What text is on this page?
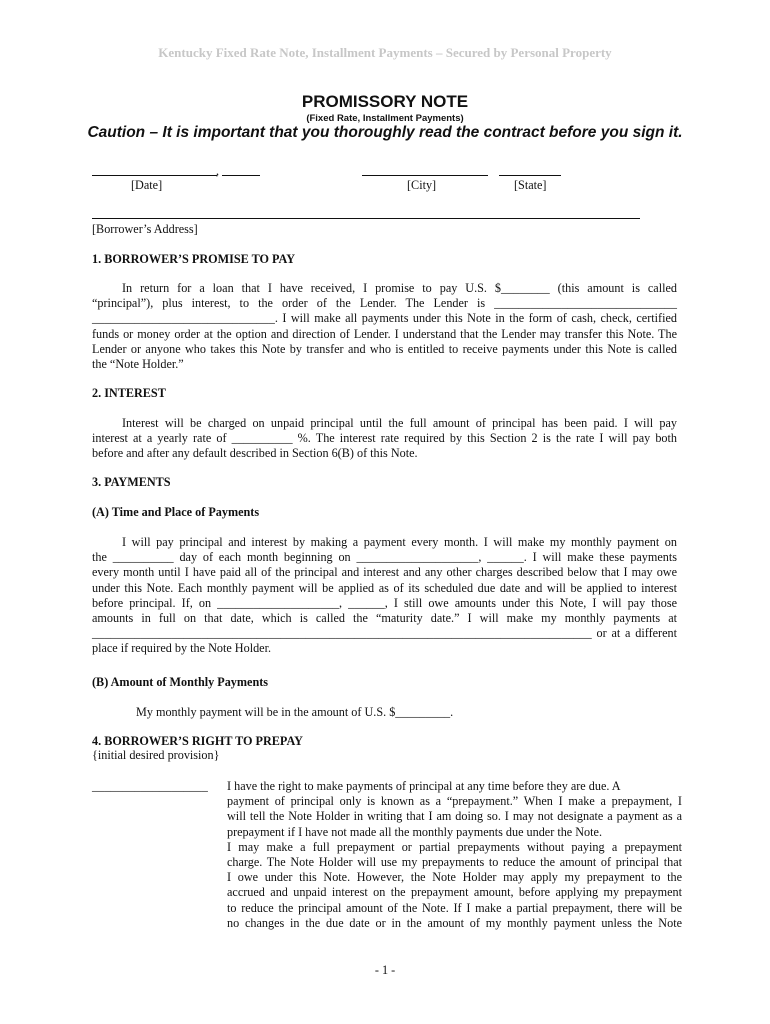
Kentucky Fixed Rate Note, Installment Payments – Secured by Personal Property
PROMISSORY NOTE
(Fixed Rate, Installment Payments)
Caution – It is important that you thoroughly read the contract before you sign it.
,
[Date]	[City]	[State]
[Borrower’s Address]
1. BORROWER’S PROMISE TO PAY
In return for a loan that I have received, I promise to pay U.S. $________ (this amount is called
“principal”), plus interest, to the order of the Lender. The Lender is ______________________________
______________________________. I will make all payments under this Note in the form of cash, check, certified
funds or money order at the option and direction of Lender. I understand that the Lender may transfer this Note. The
Lender or anyone who takes this Note by transfer and who is entitled to receive payments under this Note is called
the “Note Holder.”
2. INTEREST
Interest will be charged on unpaid principal until the full amount of principal has been paid. I will pay
interest at a yearly rate of __________ %. The interest rate required by this Section 2 is the rate I will pay both
before and after any default described in Section 6(B) of this Note.
3. PAYMENTS
(A) Time and Place of Payments
I will pay principal and interest by making a payment every month. I will make my monthly payment on
the __________ day of each month beginning on ____________________, ______. I will make these payments
every month until I have paid all of the principal and interest and any other charges described below that I may owe
under this Note. Each monthly payment will be applied as of its scheduled due date and will be applied to interest
before principal. If, on ____________________, ______, I still owe amounts under this Note, I will pay those
amounts in full on that date, which is called the “maturity date.” I will make my monthly payments at
__________________________________________________________________________________ or at a different
place if required by the Note Holder.
(B) Amount of Monthly Payments
My monthly payment will be in the amount of U.S. $_________.
4. BORROWER’S RIGHT TO PREPAY
{initial desired provision}
___________________ I have the right to make payments of principal at any time before they are due. A
payment of principal only is known as a “prepayment.” When I make a prepayment, I
will tell the Note Holder in writing that I am doing so. I may not designate a payment as a
prepayment if I have not made all the monthly payments due under the Note.
I may make a full prepayment or partial prepayments without paying a prepayment
charge. The Note Holder will use my prepayments to reduce the amount of principal that
I owe under this Note. However, the Note Holder may apply my prepayment to the
accrued and unpaid interest on the prepayment amount, before applying my prepayment
to reduce the principal amount of the Note. If I make a partial prepayment, there will be
no changes in the due date or in the amount of my monthly payment unless the Note
- 1 -
